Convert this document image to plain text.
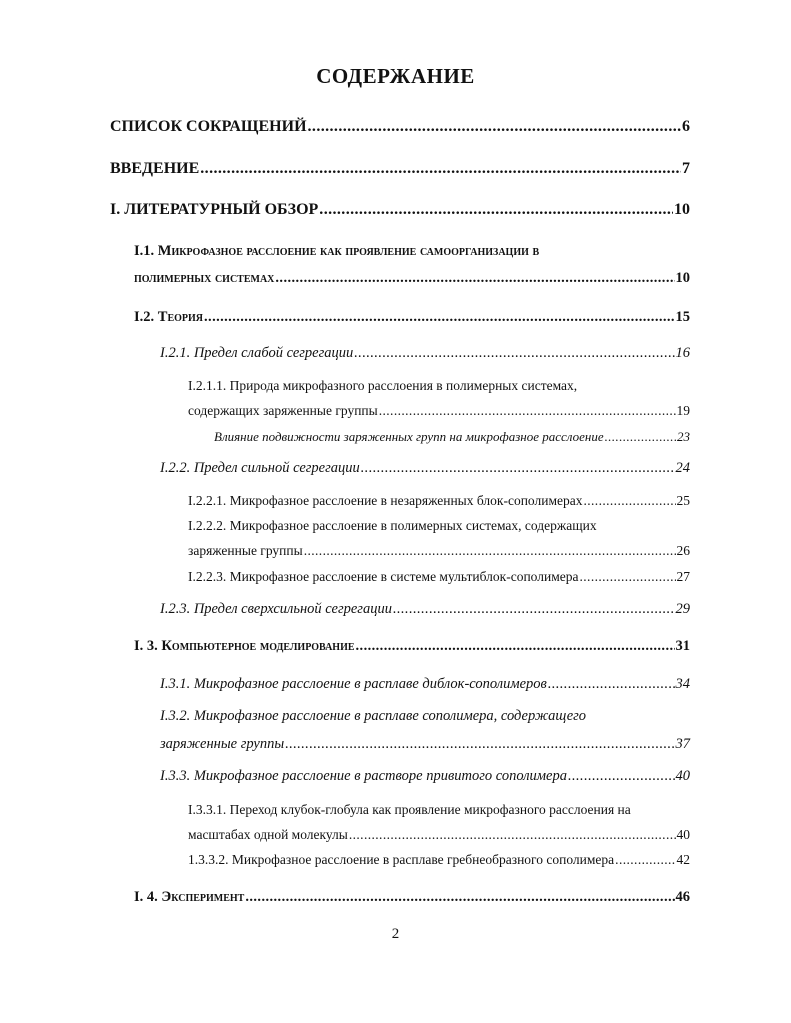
СОДЕРЖАНИЕ
СПИСОК СОКРАЩЕНИЙ .....	6
ВВЕДЕНИЕ .....	7
I. ЛИТЕРАТУРНЫЙ ОБЗОР .....	10
I.1. Микрофазное расслоение как проявление самоорганизации в
полимерных системах .....	10
I.2. Теория .....	15
I.2.1. Предел слабой сегрегации .....	16
I.2.1.1. Природа микрофазного расслоения в полимерных системах,
содержащих заряженные группы .....	19
Влияние подвижности заряженных групп на микрофазное расслоение .....	23
I.2.2. Предел сильной сегрегации .....	24
I.2.2.1. Микрофазное расслоение в незаряженных блок-сополимерах .....	25
I.2.2.2. Микрофазное расслоение в полимерных системах, содержащих
заряженные группы .....	26
I.2.2.3. Микрофазное расслоение в системе мультиблок-сополимера .....	27
I.2.3. Предел сверхсильной сегрегации .....	29
I. 3. Компьютерное моделирование .....	31
I.3.1. Микрофазное расслоение в расплаве диблок-сополимеров .....	34
I.3.2. Микрофазное расслоение в расплаве сополимера, содержащего
заряженные группы .....	37
I.3.3. Микрофазное расслоение в растворе привитого сополимера .....	40
I.3.3.1. Переход клубок-глобула как проявление микрофазного расслоения на
масштабах одной молекулы .....	40
1.3.3.2. Микрофазное расслоение в расплаве гребнеобразного сополимера .....	42
I. 4. Эксперимент .....	46
2
